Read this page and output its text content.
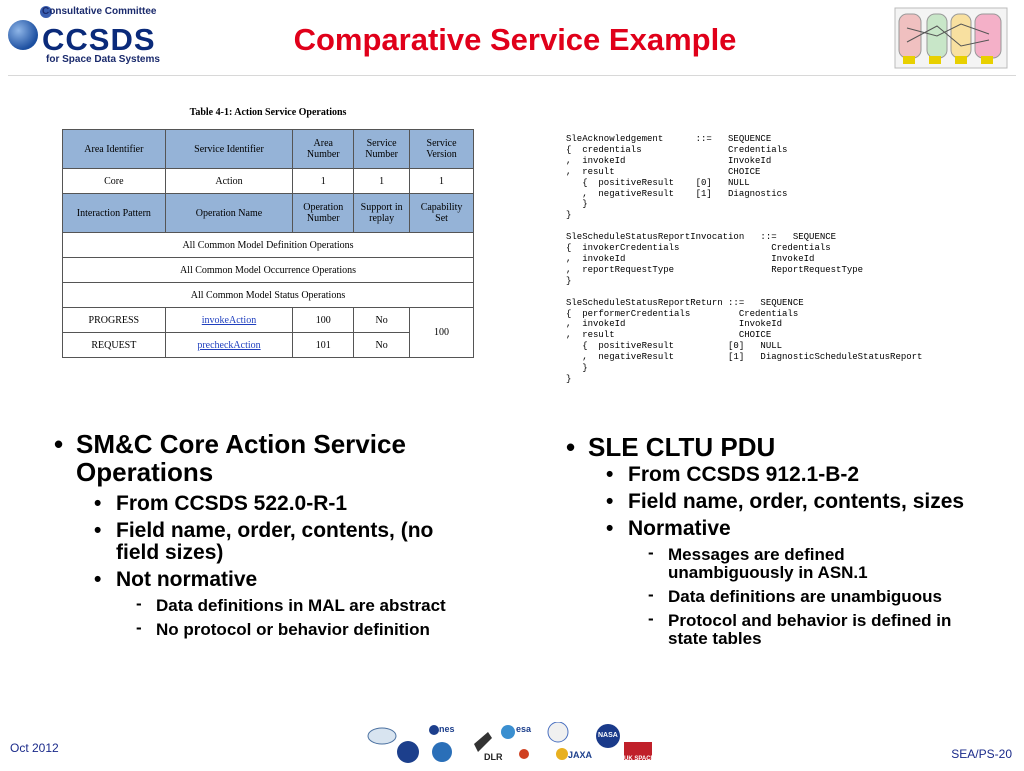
Consultative Committee
CCSDS
for Space Data Systems
Comparative Service Example
Table 4-1: Action Service Operations
Area Identifier	Service Identifier	Area Number	Service Number	Service Version
Core	Action	1	1	1
Interaction Pattern	Operation Name	Operation Number	Support in replay	Capability Set
All Common Model Definition Operations				
All Common Model Occurrence Operations				
All Common Model Status Operations				
PROGRESS	invokeAction	100	No	100
REQUEST	precheckAction	101	No	
SleAcknowledgement      ::=   SEQUENCE
{  credentials                Credentials
,  invokeId                   InvokeId
,  result                     CHOICE
{  positiveResult    [0]   NULL
,  negativeResult    [1]   Diagnostics
}
}

SleScheduleStatusReportInvocation   ::=   SEQUENCE
{  invokerCredentials                 Credentials
,  invokeId                           InvokeId
,  reportRequestType                  ReportRequestType
}

SleScheduleStatusReportReturn ::=   SEQUENCE
{  performerCredentials         Credentials
,  invokeId                     InvokeId
,  result                       CHOICE
{  positiveResult          [0]   NULL
,  negativeResult          [1]   DiagnosticScheduleStatusReport
}
}
• SM&C Core Action Service Operations
• From CCSDS 522.0-R-1
• Field name, order, contents, (no field sizes)
• Not normative
- Data definitions in MAL are abstract
- No protocol or behavior definition
• SLE CLTU PDU
• From CCSDS 912.1-B-2
• Field name, order, contents, sizes
• Normative
- Messages are defined unambiguously in ASN.1
- Data definitions are unambiguous
- Protocol and behavior is defined in state tables
Oct 2012
cnes	esa
DLR
NASA
JAXA	UK SPACE	SEA/PS-20
